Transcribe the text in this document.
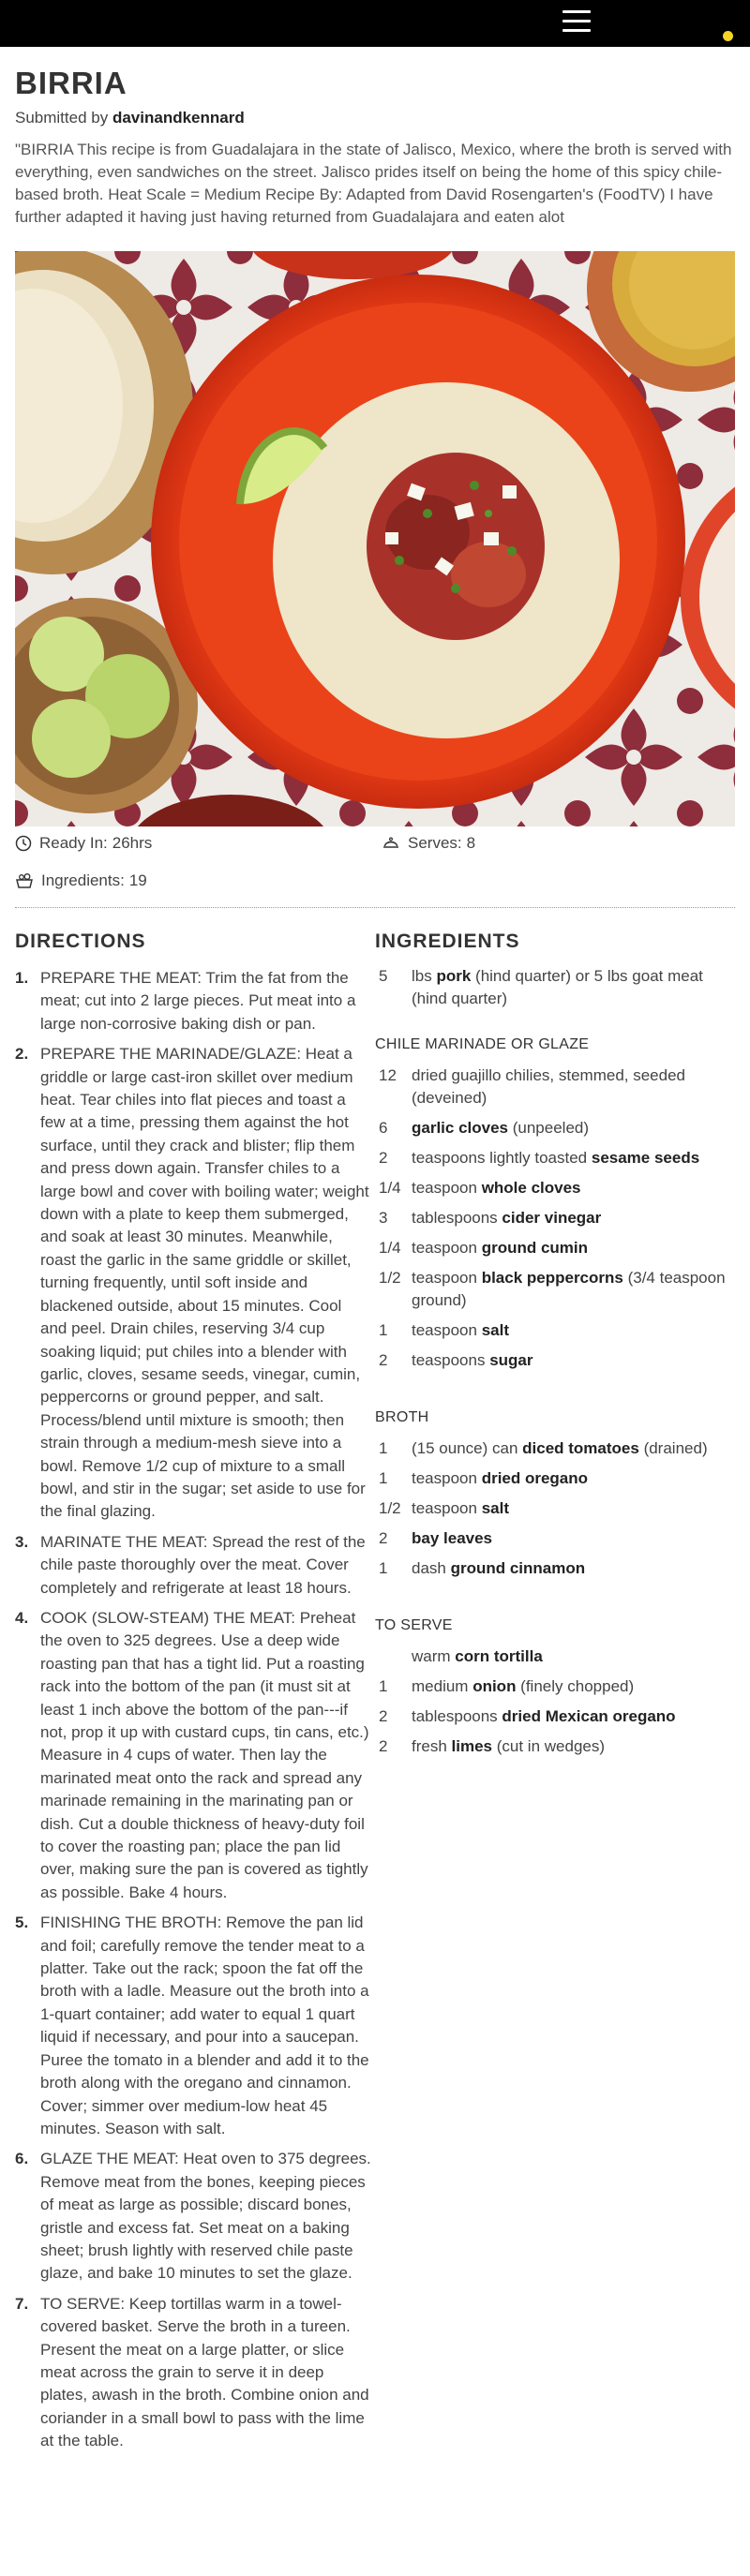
BIRRIA
Submitted by davinandkennard

"BIRRIA This recipe is from Guadalajara in the state of Jalisco, Mexico, where the broth is served with everything, even sandwiches on the street. Jalisco prides itself on being the home of this spicy chile-based broth. Heat Scale = Medium Recipe By: Adapted from David Rosengarten's (FoodTV) I have further adapted it having just having returned from Guadalajara and eaten alot

Ready In: 26hrs	Serves: 8
Ingredients: 19
DIRECTIONS	INGREDIENTS
1. PREPARE THE MEAT: Trim the fat from the meat; cut into 2 large pieces. Put meat into a large non-corrosive baking dish or pan.
2. PREPARE THE MARINADE/GLAZE: Heat a griddle or large cast-iron skillet over medium heat. Tear chiles into flat pieces and toast a few at a time, pressing them against the hot surface, until they crack and blister; flip them and press down again. Transfer chiles to a large bowl and cover with boiling water; weight down with a plate to keep them submerged, and soak at least 30 minutes. Meanwhile, roast the garlic in the same griddle or skillet, turning frequently, until soft inside and blackened outside, about 15 minutes. Cool and peel. Drain chiles, reserving 3/4 cup soaking liquid; put chiles into a blender with garlic, cloves, sesame seeds, vinegar, cumin, peppercorns or ground pepper, and salt. Process/blend until mixture is smooth; then strain through a medium-mesh sieve into a bowl. Remove 1/2 cup of mixture to a small bowl, and stir in the sugar; set aside to use for the final glazing.
3. MARINATE THE MEAT: Spread the rest of the chile paste thoroughly over the meat. Cover completely and refrigerate at least 18 hours.
4. COOK (SLOW-STEAM) THE MEAT: Preheat the oven to 325 degrees. Use a deep wide roasting pan that has a tight lid. Put a roasting rack into the bottom of the pan (it must sit at least 1 inch above the bottom of the pan---if not, prop it up with custard cups, tin cans, etc.) Measure in 4 cups of water. Then lay the marinated meat onto the rack and spread any marinade remaining in the marinating pan or dish. Cut a double thickness of heavy-duty foil to cover the roasting pan; place the pan lid over, making sure the pan is covered as tightly as possible. Bake 4 hours.
5. FINISHING THE BROTH: Remove the pan lid and foil; carefully remove the tender meat to a platter. Take out the rack; spoon the fat off the broth with a ladle. Measure out the broth into a 1-quart container; add water to equal 1 quart liquid if necessary, and pour into a saucepan. Puree the tomato in a blender and add it to the broth along with the oregano and cinnamon. Cover; simmer over medium-low heat 45 minutes. Season with salt.
6. GLAZE THE MEAT: Heat oven to 375 degrees. Remove meat from the bones, keeping pieces of meat as large as possible; discard bones, gristle and excess fat. Set meat on a baking sheet; brush lightly with reserved chile paste glaze, and bake 10 minutes to set the glaze.
7. TO SERVE: Keep tortillas warm in a towel-covered basket. Serve the broth in a tureen. Present the meat on a large platter, or slice meat across the grain to serve it in deep plates, awash in the broth. Combine onion and coriander in a small bowl to pass with the lime at the table.
5	lbs pork (hind quarter) or 5 lbs goat meat (hind quarter)
CHILE MARINADE OR GLAZE
12 dried guajillo chilies, stemmed, seeded (deveined)
6	garlic cloves (unpeeled)
2	teaspoons lightly toasted sesame seeds
1/4 teaspoon whole cloves
3	tablespoons cider vinegar
1/4 teaspoon ground cumin
1/2 teaspoon black peppercorns (3/4 teaspoon ground)
1	teaspoon salt
2	teaspoons sugar
BROTH
1	(15 ounce) can diced tomatoes (drained)
1	teaspoon dried oregano
1/2 teaspoon salt
2	bay leaves
1	dash ground cinnamon
TO SERVE
warm corn tortilla
1	medium onion (finely chopped)
2	tablespoons dried Mexican oregano
2	fresh limes (cut in wedges)
